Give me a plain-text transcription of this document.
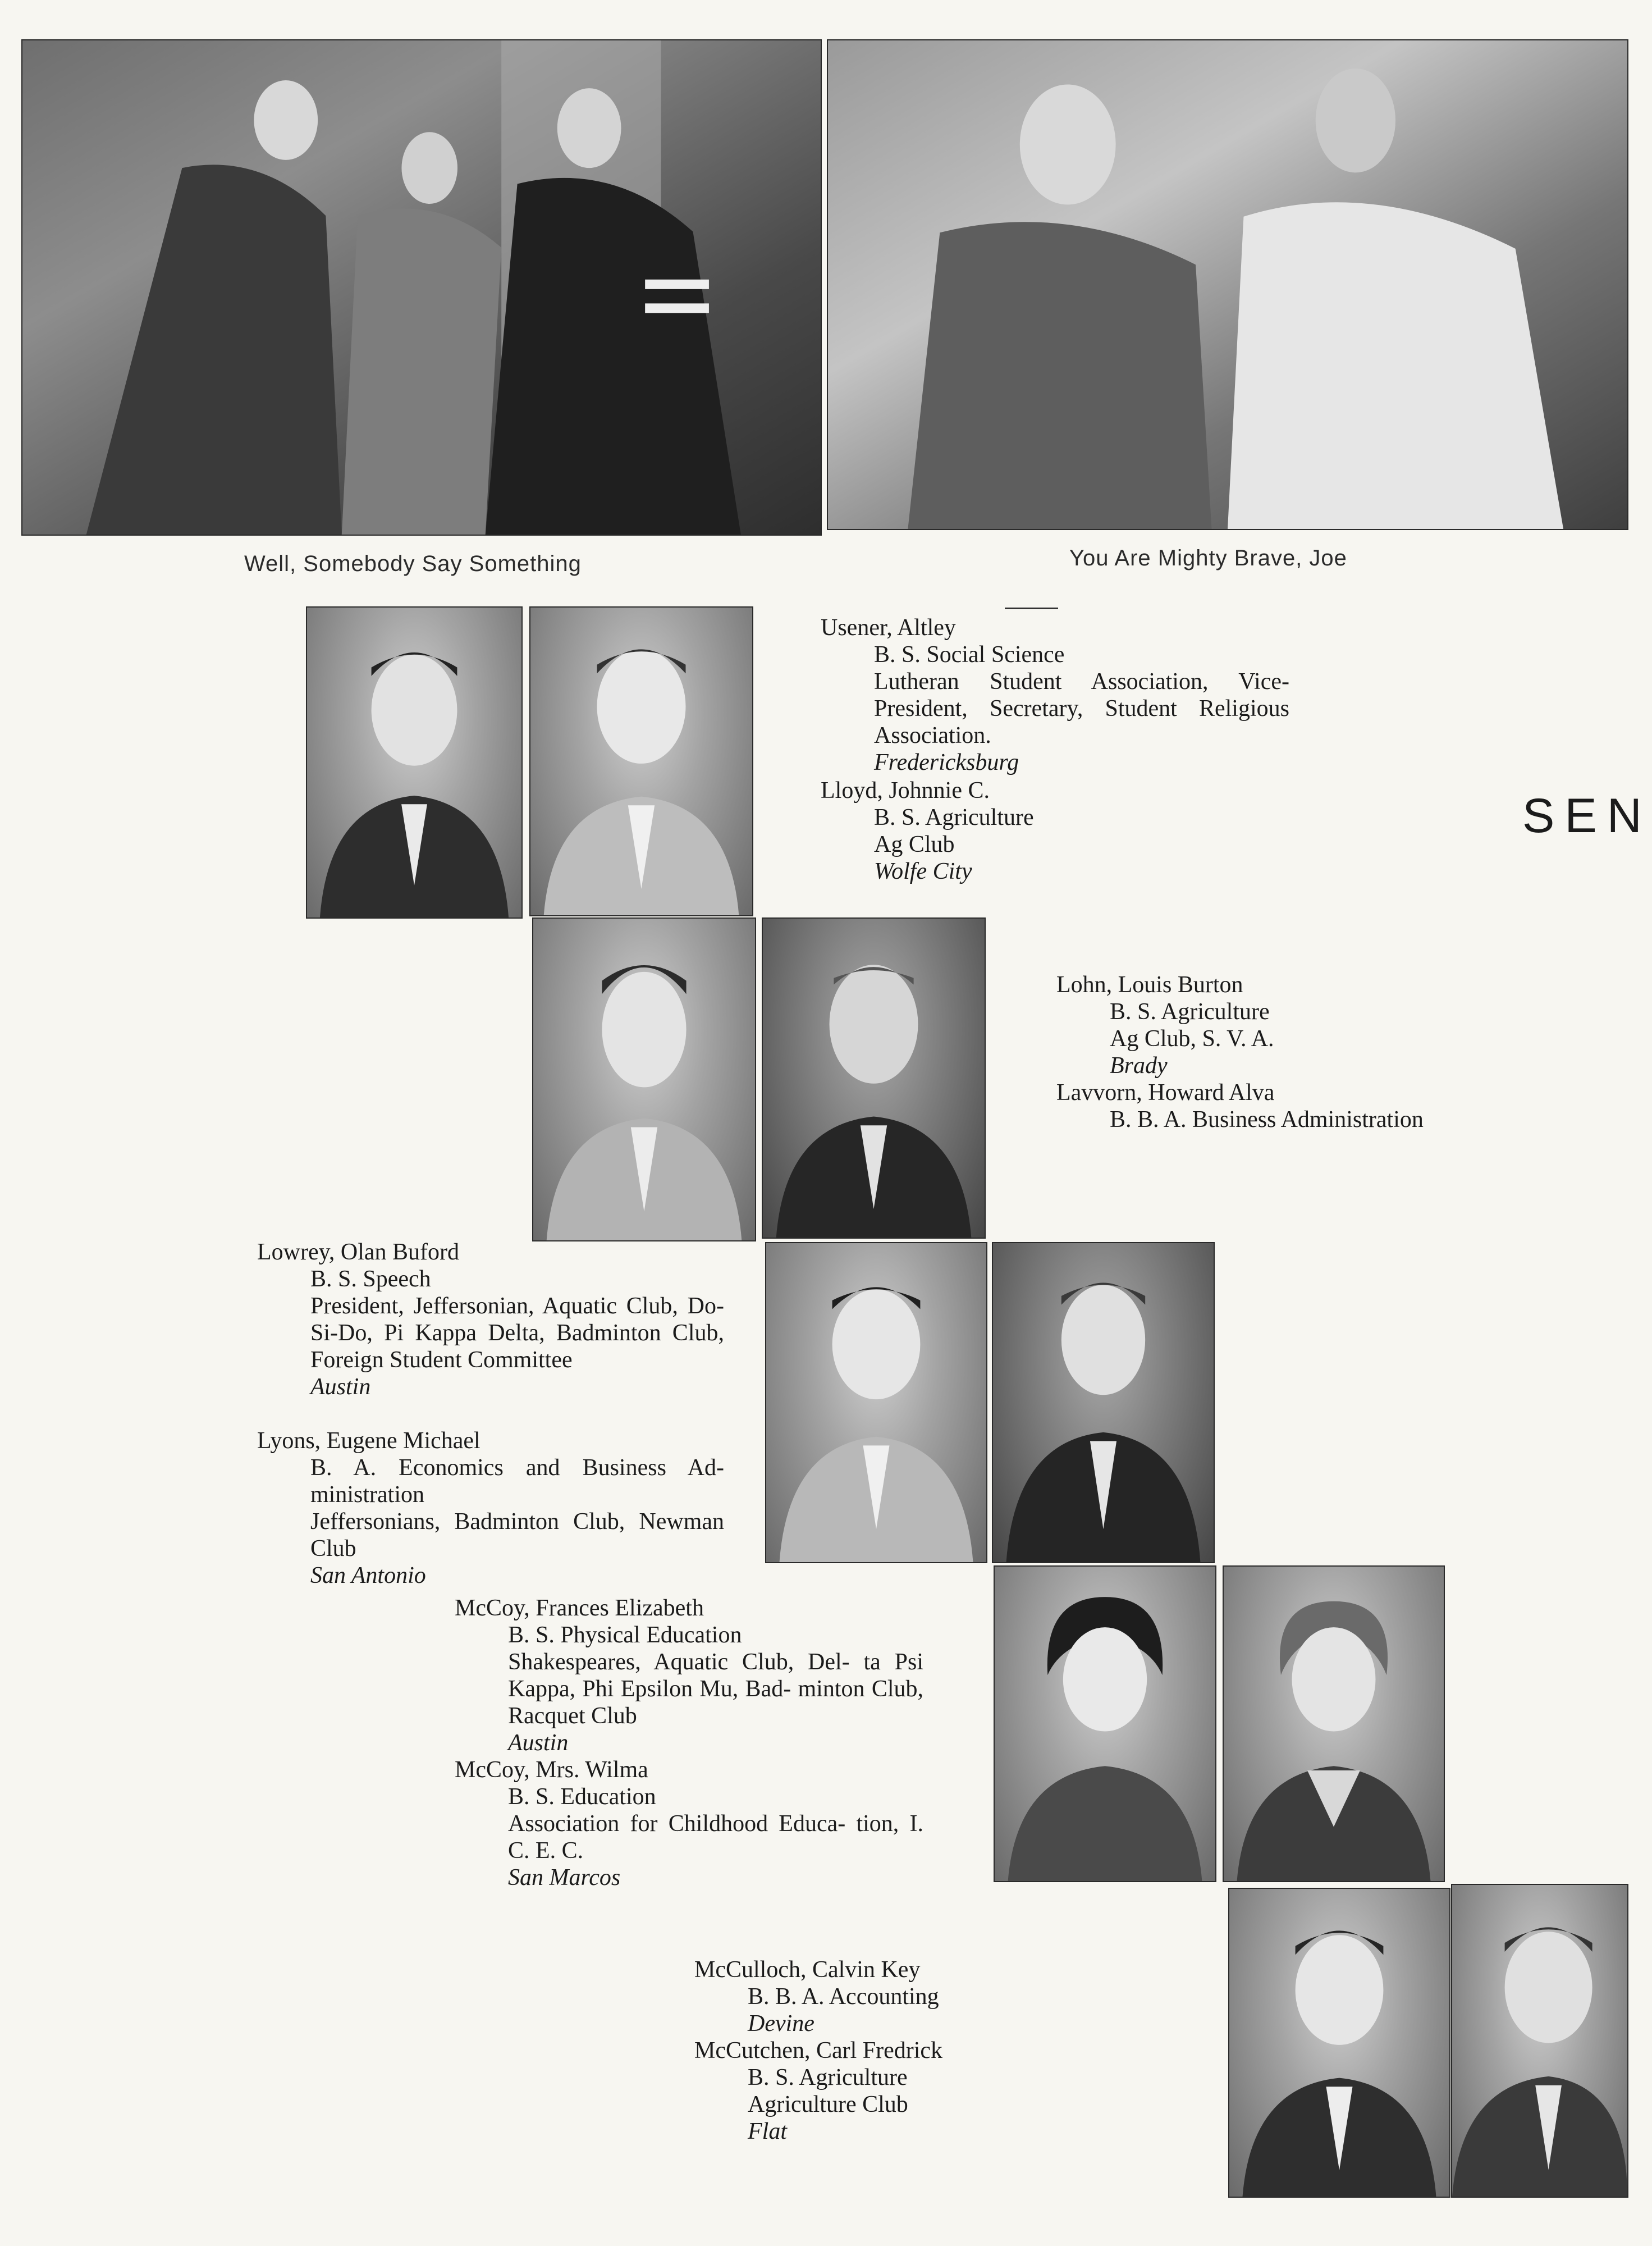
Well, Somebody Say Something	You Are Mighty Brave, Joe
SEN
Usener, Altley
B. S. Social Science
Lutheran Student Association, Vice-President, Secretary, Student Religious Association.
Fredericksburg
Lloyd, Johnnie C.
B. S. Agriculture
Ag Club
Wolfe City
Lohn, Louis Burton
B. S. Agriculture
Ag Club, S. V. A.
Brady
Lavvorn, Howard Alva
B. B. A. Business Administration
Lowrey, Olan Buford
B. S. Speech
President, Jeffersonian, Aquatic Club, Do-Si-Do, Pi Kappa Delta, Badminton Club, Foreign Student Committee
Austin
Lyons, Eugene Michael
B. A. Economics and Business Ad- ministration
Jeffersonians, Badminton Club, Newman Club
San Antonio
McCoy, Frances Elizabeth
B. S. Physical Education
Shakespeares, Aquatic Club, Del- ta Psi Kappa, Phi Epsilon Mu, Bad- minton Club, Racquet Club
Austin
McCoy, Mrs. Wilma
B. S. Education
Association for Childhood Educa- tion, I. C. E. C.
San Marcos
McCulloch, Calvin Key
B. B. A. Accounting
Devine
McCutchen, Carl Fredrick
B. S. Agriculture
Agriculture Club
Flat
